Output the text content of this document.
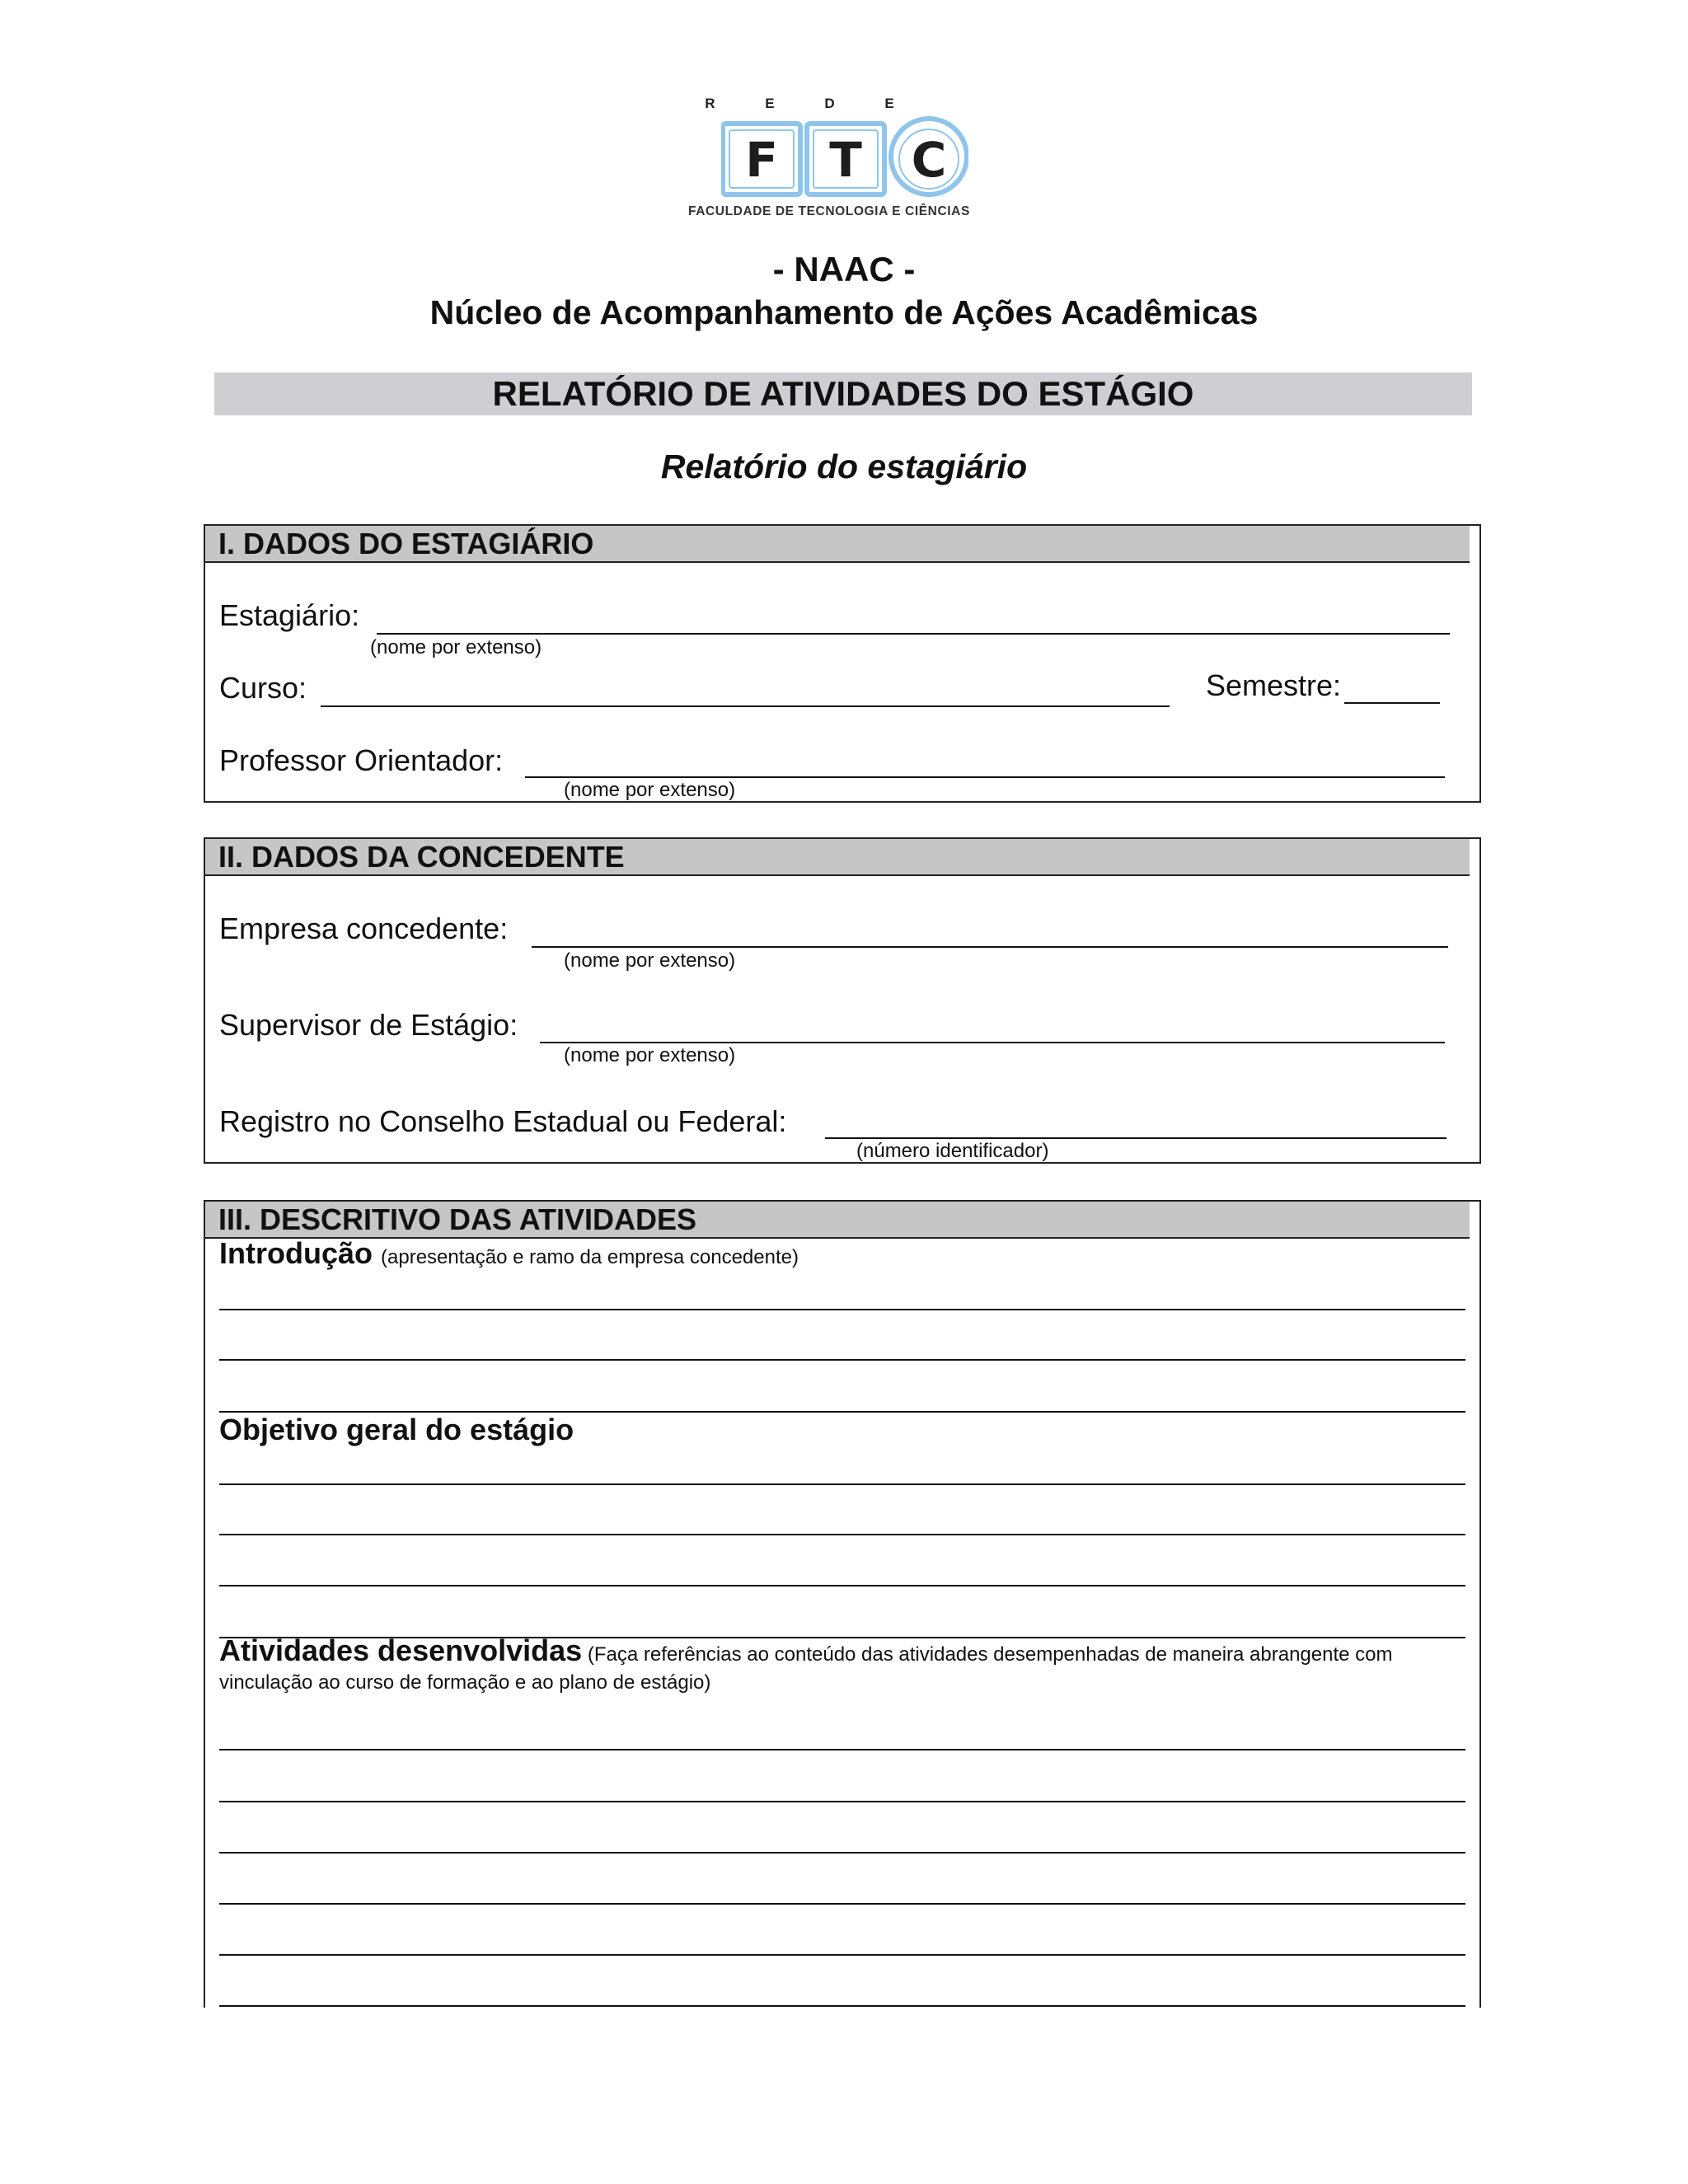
R E D E
F T C
FACULDADE DE TECNOLOGIA E CIÊNCIAS
- NAAC -
Núcleo de Acompanhamento de Ações Acadêmicas
RELATÓRIO DE ATIVIDADES DO ESTÁGIO
Relatório do estagiário
I. DADOS DO ESTAGIÁRIO
Estagiário:
(nome por extenso)
Curso:	Semestre:
Professor Orientador:
(nome por extenso)
II. DADOS DA CONCEDENTE
Empresa concedente:
(nome por extenso)
Supervisor de Estágio:
(nome por extenso)
Registro no Conselho Estadual ou Federal:
(número identificador)
III. DESCRITIVO DAS ATIVIDADES
Introdução (apresentação e ramo da empresa concedente)
Objetivo geral do estágio
Atividades desenvolvidas (Faça referências ao conteúdo das atividades desempenhadas de maneira abrangente com vinculação ao curso de formação e ao plano de estágio)
